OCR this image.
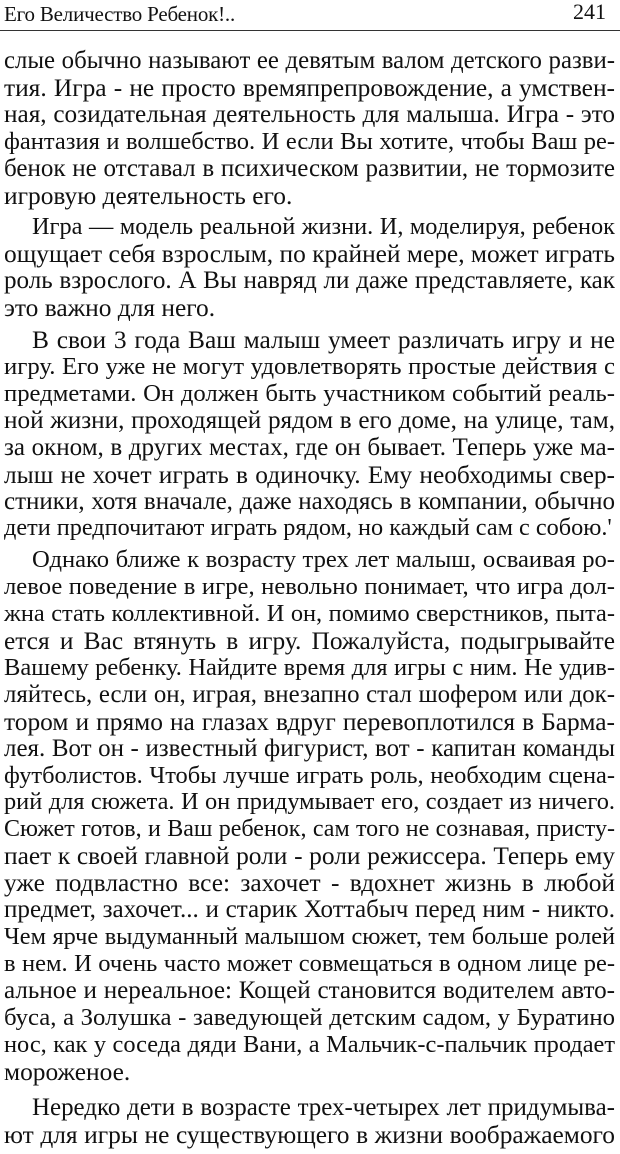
Его Величество Ребенок!..	241

слые обычно называют ее девятым валом детского разви-
тия. Игра - не просто времяпрепровождение, а умствен-
ная, созидательная деятельность для малыша. Игра - это
фантазия и волшебство. И если Вы хотите, чтобы Ваш ре-
бенок не отставал в психическом развитии, не тормозите
игровую деятельность его.

Игра — модель реальной жизни. И, моделируя, ребенок
ощущает себя взрослым, по крайней мере, может играть
роль взрослого. А Вы навряд ли даже представляете, как
это важно для него.

В свои 3 года Ваш малыш умеет различать игру и не
игру. Его уже не могут удовлетворять простые действия с
предметами. Он должен быть участником событий реаль-
ной жизни, проходящей рядом в его доме, на улице, там,
за окном, в других местах, где он бывает. Теперь уже ма-
лыш не хочет играть в одиночку. Ему необходимы свер-
стники, хотя вначале, даже находясь в компании, обычно
дети предпочитают играть рядом, но каждый сам с собою.'

Однако ближе к возрасту трех лет малыш, осваивая ро-
левое поведение в игре, невольно понимает, что игра дол-
жна стать коллективной. И он, помимо сверстников, пыта-
ется и Вас втянуть в игру. Пожалуйста, подыгрывайте
Вашему ребенку. Найдите время для игры с ним. Не удив-
ляйтесь, если он, играя, внезапно стал шофером или док-
тором и прямо на глазах вдруг перевоплотился в Барма-
лея. Вот он - известный фигурист, вот - капитан команды
футболистов. Чтобы лучше играть роль, необходим сцена-
рий для сюжета. И он придумывает его, создает из ничего.
Сюжет готов, и Ваш ребенок, сам того не сознавая, присту-
пает к своей главной роли - роли режиссера. Теперь ему
уже подвластно все: захочет - вдохнет жизнь в любой
предмет, захочет... и старик Хоттабыч перед ним - никто.
Чем ярче выдуманный малышом сюжет, тем больше ролей
в нем. И очень часто может совмещаться в одном лице ре-
альное и нереальное: Кощей становится водителем авто-
буса, а Золушка - заведующей детским садом, у Буратино
нос, как у соседа дяди Вани, а Мальчик-с-пальчик продает
мороженое.

Нередко дети в возрасте трех-четырех лет придумыва-
ют для игры не существующего в жизни воображаемого
